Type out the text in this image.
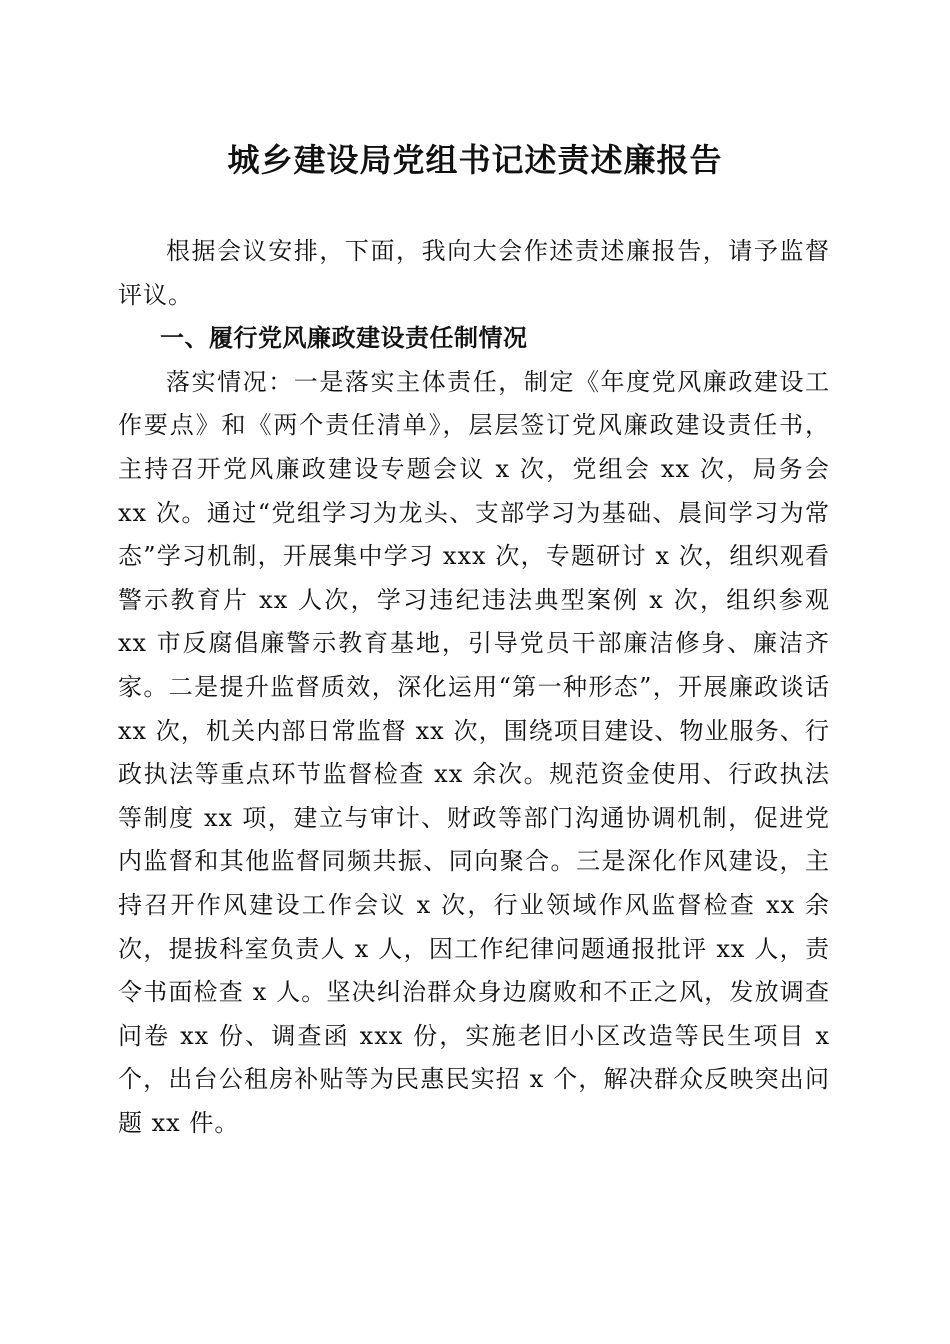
城乡建设局党组书记述责述廉报告

根据会议安排，下面，我向大会作述责述廉报告，请予监督评议。

一、履行党风廉政建设责任制情况

落实情况：一是落实主体责任，制定《年度党风廉政建设工作要点》和《两个责任清单》，层层签订党风廉政建设责任书，主持召开党风廉政建设专题会议 x 次，党组会 xx 次，局务会 xx 次。通过“党组学习为龙头、支部学习为基础、晨间学习为常态”学习机制，开展集中学习 xxx 次，专题研讨 x 次，组织观看警示教育片 xx 人次，学习违纪违法典型案例 x 次，组织参观 xx 市反腐倡廉警示教育基地，引导党员干部廉洁修身、廉洁齐家。二是提升监督质效，深化运用“第一种形态”，开展廉政谈话 xx 次，机关内部日常监督 xx 次，围绕项目建设、物业服务、行政执法等重点环节监督检查 xx 余次。规范资金使用、行政执法等制度 xx 项，建立与审计、财政等部门沟通协调机制，促进党内监督和其他监督同频共振、同向聚合。三是深化作风建设，主持召开作风建设工作会议 x 次，行业领域作风监督检查 xx 余次，提拔科室负责人 x 人，因工作纪律问题通报批评 xx 人，责令书面检查 x 人。坚决纠治群众身边腐败和不正之风，发放调查问卷 xx 份、调查函 xxx 份，实施老旧小区改造等民生项目 x 个，出台公租房补贴等为民惠民实招 x 个，解决群众反映突出问题 xx 件。
